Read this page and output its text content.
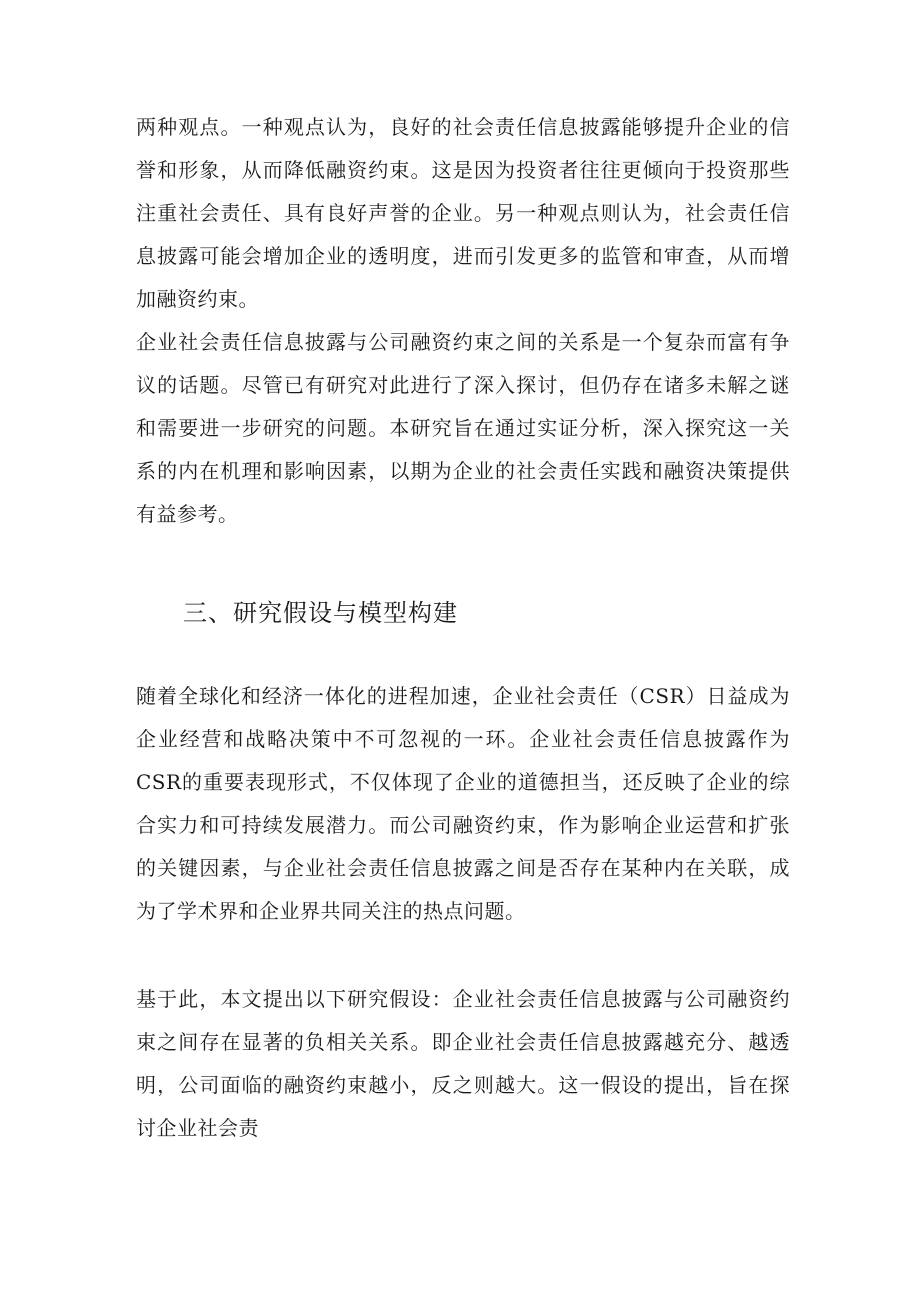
两种观点。一种观点认为，良好的社会责任信息披露能够提升企业的信誉和形象，从而降低融资约束。这是因为投资者往往更倾向于投资那些注重社会责任、具有良好声誉的企业。另一种观点则认为，社会责任信息披露可能会增加企业的透明度，进而引发更多的监管和审查，从而增加融资约束。

企业社会责任信息披露与公司融资约束之间的关系是一个复杂而富有争议的话题。尽管已有研究对此进行了深入探讨，但仍存在诸多未解之谜和需要进一步研究的问题。本研究旨在通过实证分析，深入探究这一关系的内在机理和影响因素，以期为企业的社会责任实践和融资决策提供有益参考。

三、研究假设与模型构建

随着全球化和经济一体化的进程加速，企业社会责任（CSR）日益成为企业经营和战略决策中不可忽视的一环。企业社会责任信息披露作为CSR的重要表现形式，不仅体现了企业的道德担当，还反映了企业的综合实力和可持续发展潜力。而公司融资约束，作为影响企业运营和扩张的关键因素，与企业社会责任信息披露之间是否存在某种内在关联，成为了学术界和企业界共同关注的热点问题。

基于此，本文提出以下研究假设：企业社会责任信息披露与公司融资约束之间存在显著的负相关关系。即企业社会责任信息披露越充分、越透明，公司面临的融资约束越小，反之则越大。这一假设的提出，旨在探讨企业社会责
